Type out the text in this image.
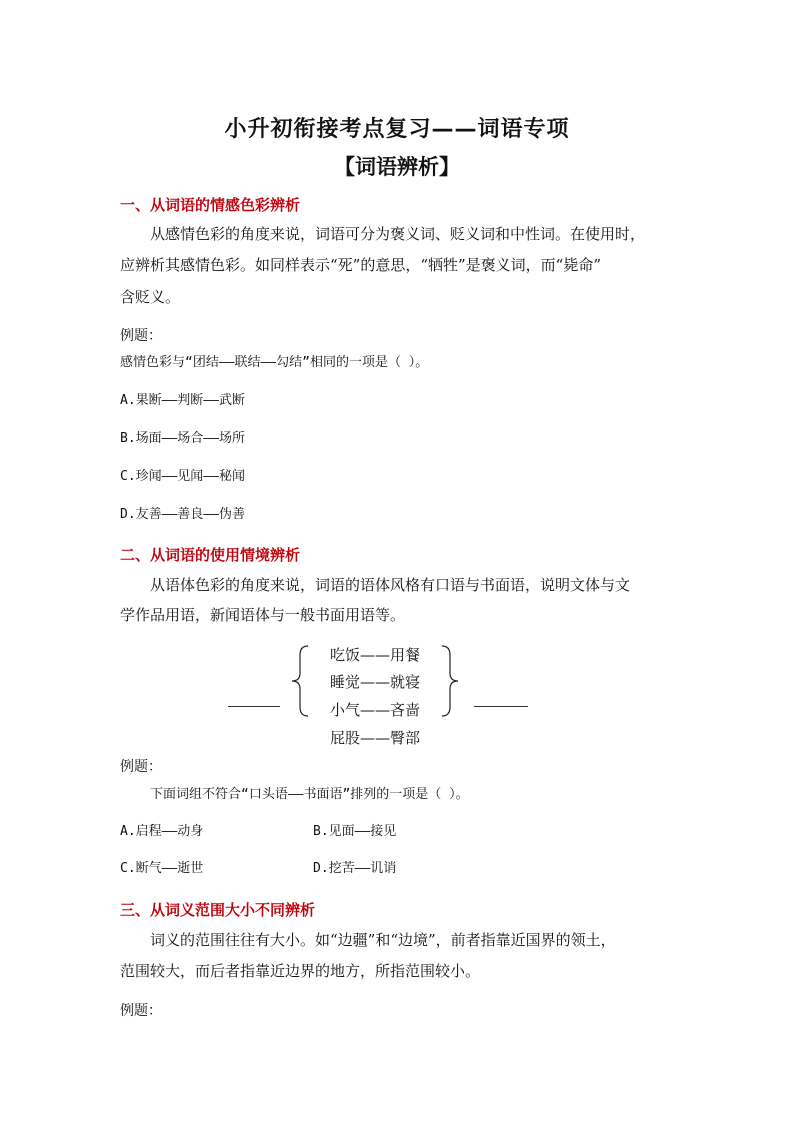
小升初衔接考点复习——词语专项
【词语辨析】
一、从词语的情感色彩辨析
从感情色彩的角度来说，词语可分为褒义词、贬义词和中性词。在使用时，
应辨析其感情色彩。如同样表示“死”的意思，“牺牲”是褒义词，而“毙命”
含贬义。
例题：
感情色彩与“团结——联结——勾结”相同的一项是（ ）。
A.果断——判断——武断
B.场面——场合——场所
C.珍闻——见闻——秘闻
D.友善——善良——伪善
二、从词语的使用情境辨析
从语体色彩的角度来说，词语的语体风格有口语与书面语，说明文体与文
学作品用语，新闻语体与一般书面用语等。
吃饭——用餐
睡觉——就寝
小气——吝啬
屁股——臀部
例题：
下面词组不符合“口头语——书面语”排列的一项是（ ）。
A.启程——动身	B.见面——接见
C.断气——逝世	D.挖苦——讥诮
三、从词义范围大小不同辨析
词义的范围往往有大小。如“边疆”和“边境”，前者指靠近国界的领土，
范围较大，而后者指靠近边界的地方，所指范围较小。
例题：
